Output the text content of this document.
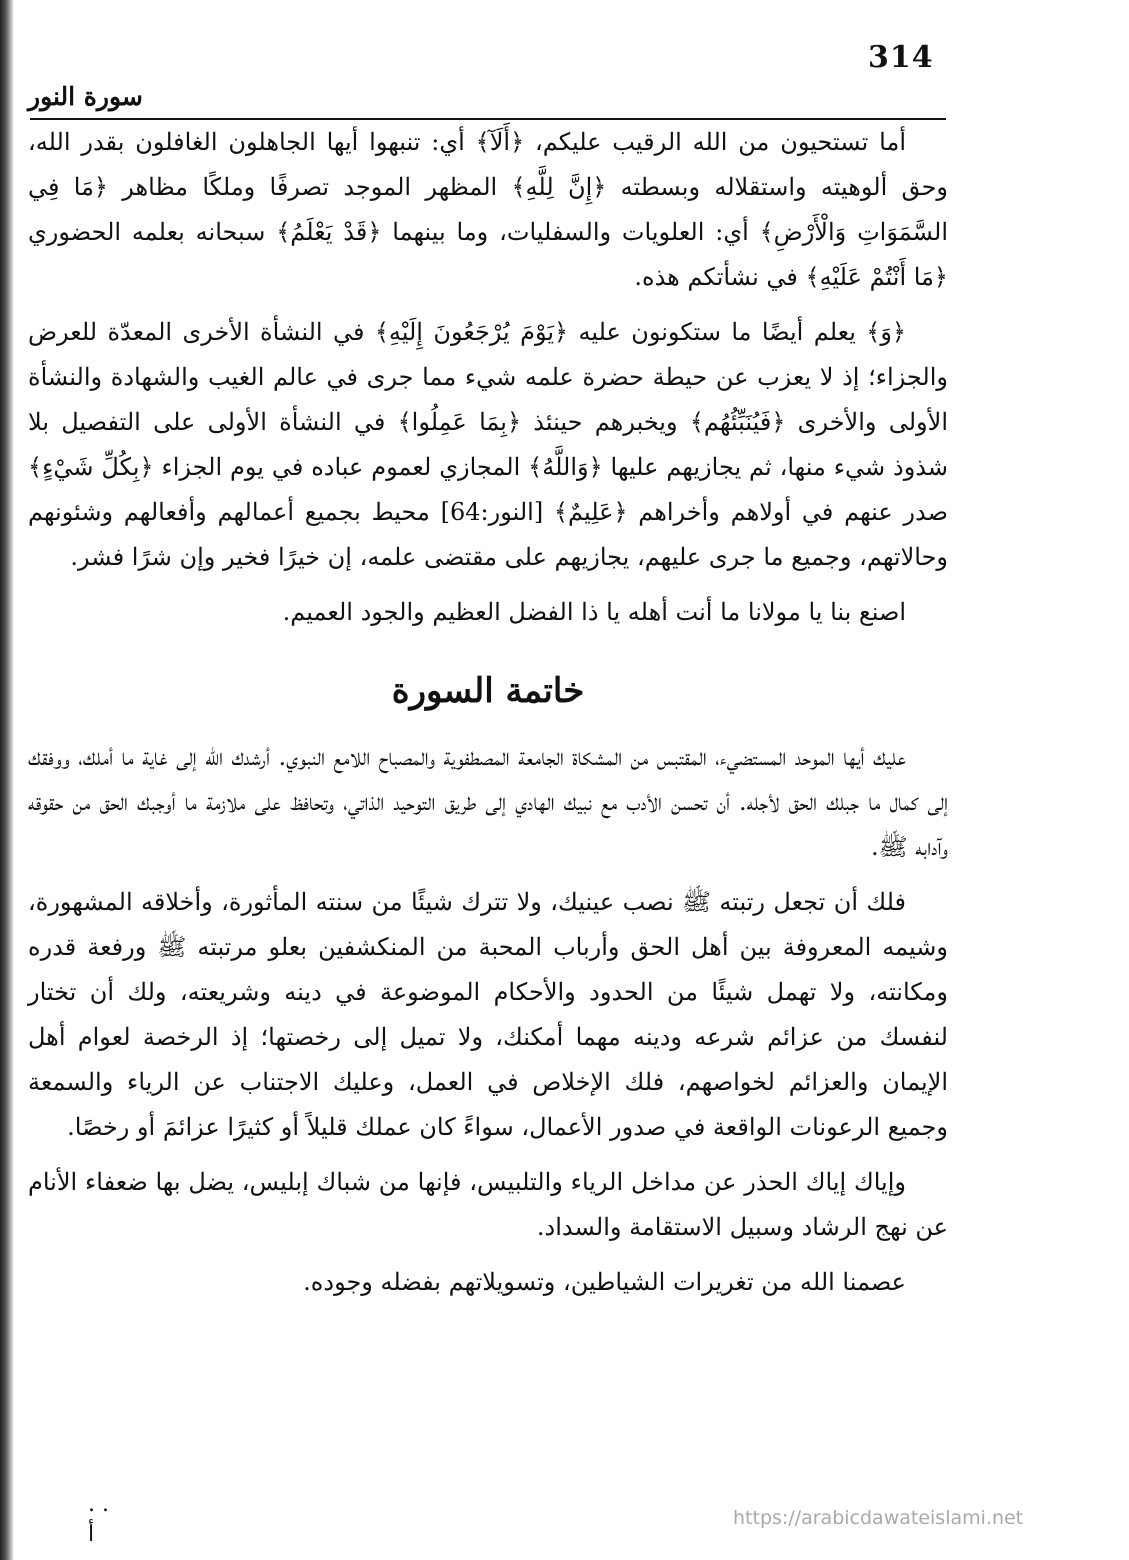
314
سورة النور

أما تستحيون من الله الرقيب عليكم، ﴿أَلَآ﴾ أي: تنبهوا أيها الجاهلون الغافلون بقدر الله، وحق ألوهيته واستقلاله وبسطته ﴿إِنَّ لِلَّهِ﴾ المظهر الموجد تصرفًا وملكًا مظاهر ﴿مَا فِي السَّمَوَاتِ وَالْأَرْضِ﴾ أي: العلويات والسفليات، وما بينهما ﴿قَدْ يَعْلَمُ﴾ سبحانه بعلمه الحضوري ﴿مَا أَنْتُمْ عَلَيْهِ﴾ في نشأتكم هذه.

﴿وَ﴾ يعلم أيضًا ما ستكونون عليه ﴿يَوْمَ يُرْجَعُونَ إِلَيْهِ﴾ في النشأة الأخرى المعدّة للعرض والجزاء؛ إذ لا يعزب عن حيطة حضرة علمه شيء مما جرى في عالم الغيب والشهادة والنشأة الأولى والأخرى ﴿فَيُنَبِّئُهُم﴾ ويخبرهم حينئذ ﴿بِمَا عَمِلُوا﴾ في النشأة الأولى على التفصيل بلا شذوذ شيء منها، ثم يجازيهم عليها ﴿وَاللَّهُ﴾ المجازي لعموم عباده في يوم الجزاء ﴿بِكُلِّ شَيْءٍ﴾ صدر عنهم في أولاهم وأخراهم ﴿عَلِيمٌ﴾ [النور:64] محيط بجميع أعمالهم وأفعالهم وشئونهم وحالاتهم، وجميع ما جرى عليهم، يجازيهم على مقتضى علمه، إن خيرًا فخير وإن شرًا فشر.

اصنع بنا يا مولانا ما أنت أهله يا ذا الفضل العظيم والجود العميم.

خاتمة السورة

عليك أيها الموحد المستضيء، المقتبس من المشكاة الجامعة المصطفوية والمصباح اللامع النبوي. أرشدك الله إلى غاية ما أملك، ووفقك إلى كمال ما جبلك الحق لأجله. أن تحسن الأدب مع نبيك الهادي إلى طريق التوحيد الذاتي، وتحافظ على ملازمة ما أوجبك الحق من حقوقه وآدابه ﷺ.

فلك أن تجعل رتبته ﷺ نصب عينيك، ولا تترك شيئًا من سنته المأثورة، وأخلاقه المشهورة، وشيمه المعروفة بين أهل الحق وأرباب المحبة من المنكشفين بعلو مرتبته ﷺ ورفعة قدره ومكانته، ولا تهمل شيئًا من الحدود والأحكام الموضوعة في دينه وشريعته، ولك أن تختار لنفسك من عزائم شرعه ودينه مهما أمكنك، ولا تميل إلى رخصتها؛ إذ الرخصة لعوام أهل الإيمان والعزائم لخواصهم، فلك الإخلاص في العمل، وعليك الاجتناب عن الرياء والسمعة وجميع الرعونات الواقعة في صدور الأعمال، سواءً كان عملك قليلاً أو كثيرًا عزائمَ أو رخصًا.

وإياك إياك الحذر عن مداخل الرياء والتلبيس، فإنها من شباك إبليس، يضل بها ضعفاء الأنام عن نهج الرشاد وسبيل الاستقامة والسداد.

عصمنا الله من تغريرات الشياطين، وتسويلاتهم بفضله وجوده.

. .
أ
https://arabicdawateislami.net
